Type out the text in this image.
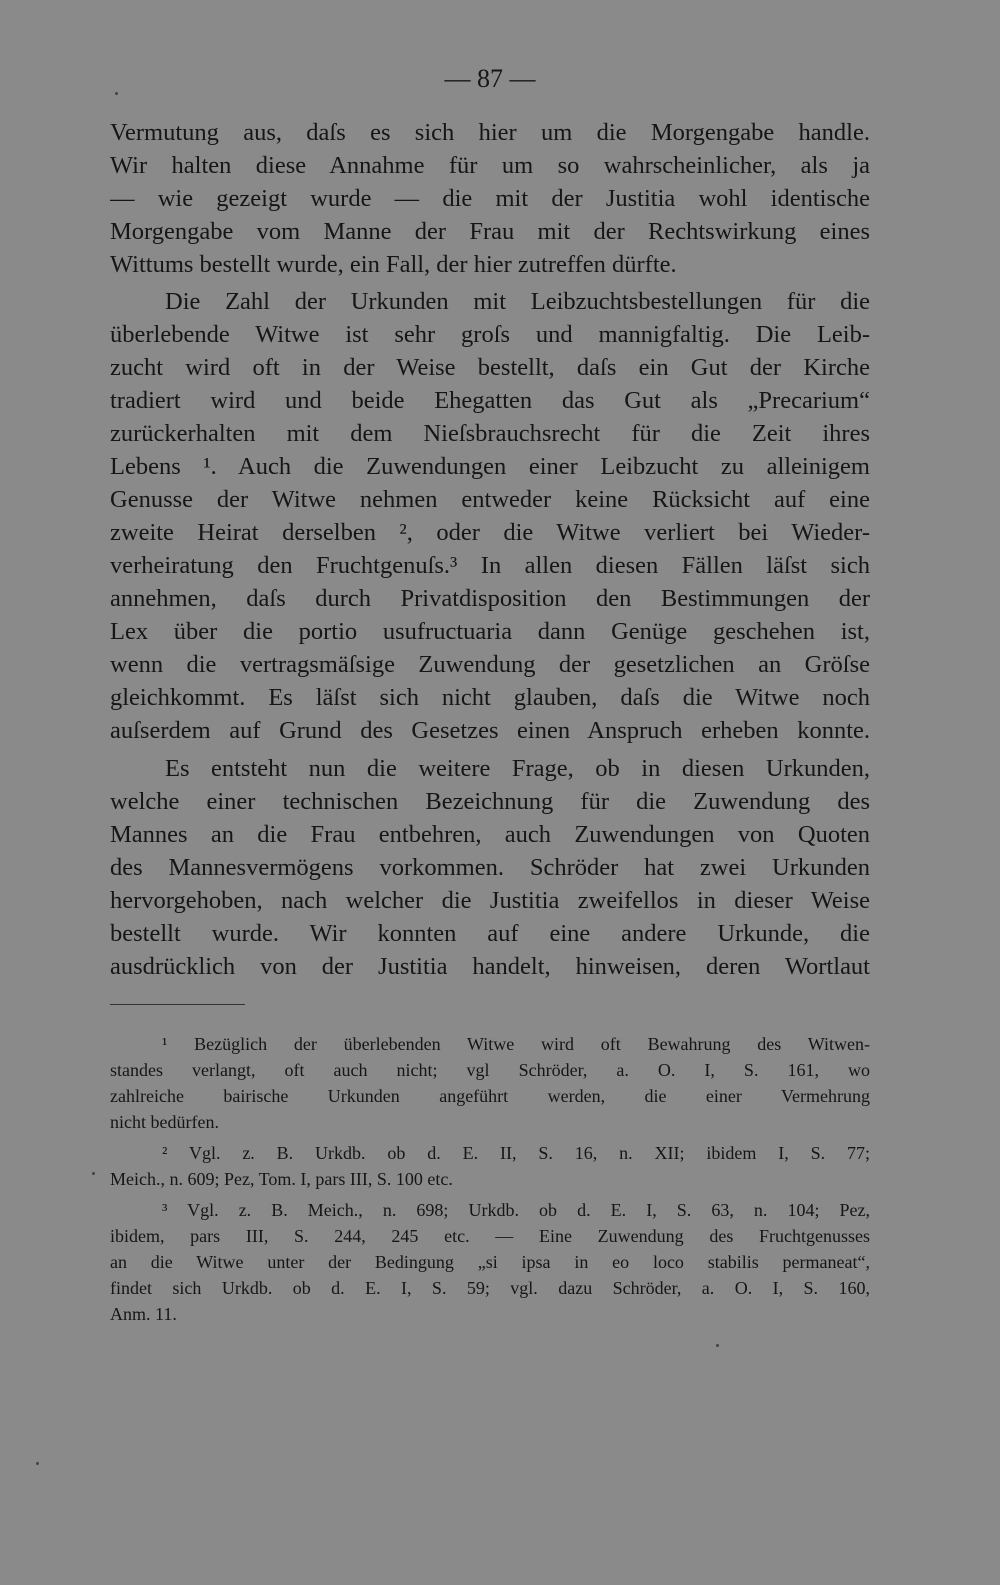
— 87 —
Vermutung aus, daſs es sich hier um die Morgengabe handle.
Wir halten diese Annahme für um so wahrscheinlicher, als ja
— wie gezeigt wurde — die mit der Justitia wohl identische
Morgengabe vom Manne der Frau mit der Rechtswirkung eines
Wittums bestellt wurde, ein Fall, der hier zutreffen dürfte.
Die Zahl der Urkunden mit Leibzuchtsbestellungen für die
überlebende Witwe ist sehr groſs und mannigfaltig. Die Leib-
zucht wird oft in der Weise bestellt, daſs ein Gut der Kirche
tradiert wird und beide Ehegatten das Gut als „Precarium“
zurückerhalten mit dem Nieſsbrauchsrecht für die Zeit ihres
Lebens ¹. Auch die Zuwendungen einer Leibzucht zu alleinigem
Genusse der Witwe nehmen entweder keine Rücksicht auf eine
zweite Heirat derselben ², oder die Witwe verliert bei Wieder-
verheiratung den Fruchtgenuſs.³ In allen diesen Fällen läſst sich
annehmen, daſs durch Privatdisposition den Bestimmungen der
Lex über die portio usufructuaria dann Genüge geschehen ist,
wenn die vertragsmäſsige Zuwendung der gesetzlichen an Gröſse
gleichkommt. Es läſst sich nicht glauben, daſs die Witwe noch
auſserdem auf Grund des Gesetzes einen Anspruch erheben konnte.
Es entsteht nun die weitere Frage, ob in diesen Urkunden,
welche einer technischen Bezeichnung für die Zuwendung des
Mannes an die Frau entbehren, auch Zuwendungen von Quoten
des Mannesvermögens vorkommen. Schröder hat zwei Urkunden
hervorgehoben, nach welcher die Justitia zweifellos in dieser Weise
bestellt wurde. Wir konnten auf eine andere Urkunde, die
ausdrücklich von der Justitia handelt, hinweisen, deren Wortlaut
¹ Bezüglich der überlebenden Witwe wird oft Bewahrung des Witwen-
standes verlangt, oft auch nicht; vgl Schröder, a. O. I, S. 161, wo
zahlreiche bairische Urkunden angeführt werden, die einer Vermehrung
nicht bedürfen.
² Vgl. z. B. Urkdb. ob d. E. II, S. 16, n. XII; ibidem I, S. 77;
Meich., n. 609; Pez, Tom. I, pars III, S. 100 etc.
³ Vgl. z. B. Meich., n. 698; Urkdb. ob d. E. I, S. 63, n. 104; Pez,
ibidem, pars III, S. 244, 245 etc. — Eine Zuwendung des Fruchtgenusses
an die Witwe unter der Bedingung „si ipsa in eo loco stabilis permaneat“,
findet sich Urkdb. ob d. E. I, S. 59; vgl. dazu Schröder, a. O. I, S. 160,
Anm. 11.
